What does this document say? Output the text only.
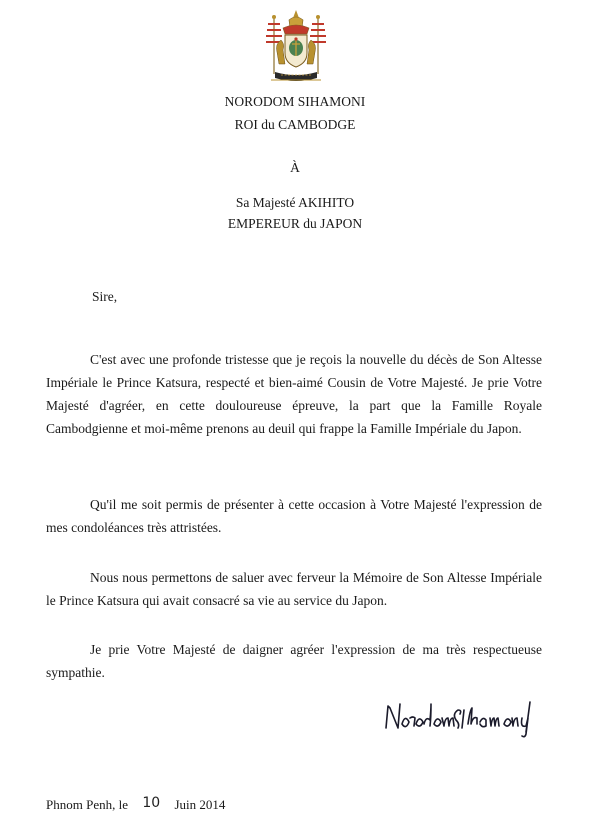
NORODOM SIHAMONI
ROI du CAMBODGE
À
Sa Majesté AKIHITO
EMPEREUR du JAPON
Sire,

C'est avec une profonde tristesse que je reçois la nouvelle du décès de Son Altesse Impériale le Prince Katsura, respecté et bien-aimé Cousin de Votre Majesté. Je prie Votre Majesté d'agréer, en cette douloureuse épreuve, la part que la Famille Royale Cambodgienne et moi-même prenons au deuil qui frappe la Famille Impériale du Japon.

Qu'il me soit permis de présenter à cette occasion à Votre Majesté l'expression de mes condoléances très attristées.

Nous nous permettons de saluer avec ferveur la Mémoire de Son Altesse Impériale le Prince Katsura qui avait consacré sa vie au service du Japon.

Je prie Votre Majesté de daigner agréer l'expression de ma très respectueuse sympathie.

Phnom Penh, le 10 Juin 2014
